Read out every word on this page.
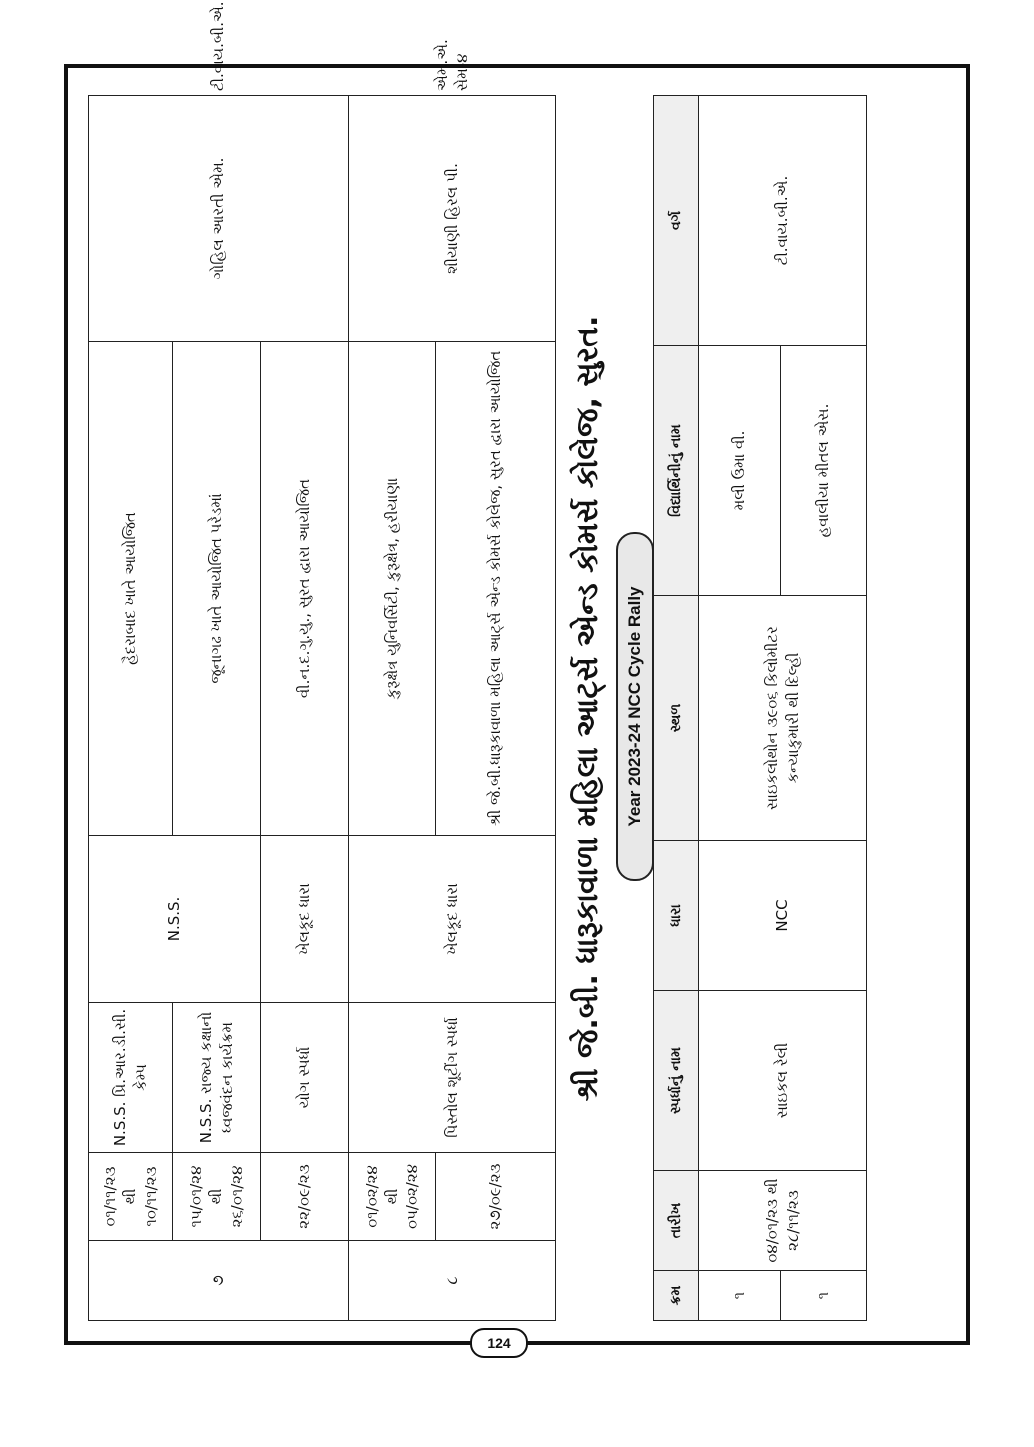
૭	૦૧/૧૧/૨૩ થી ૧૦/૧૧/૨૩	N.S.S. પ્રિ.આર.ડી.સી. કેમ્પ	N.S.S.	હૈદરાબાદ ખાતે આયોજિત	ગોહિલ આરતી એમ.	ટી.વાય.બી.એ.
	૧૫/૦૧/૨૪ થી ૨૬/૦૧/૨૪	N.S.S. રાજ્ય કક્ષાનો ધ્વજવંદન કાર્યક્રમ		જૂનાગઢ ખાતે આયોજિત પરેડમાં		
	૨૨/૦૯/૨૩	યોગ સ્પર્ધા	ખેલકૂદ ધારા	વી.ન.દ.ગુ.યુ., સુરત દ્વારા આયોજિત		
૮	૦૧/૦૨/૨૪ થી ૦૫/૦૨/૨૪	પિસ્તોલ શૂટીંગ સ્પર્ધા	ખેલકૂદ ધારા	કુરૂક્ષેત્ર યુનિવર્સિટી, કુરૂક્ષેત્ર, હરીયાણા	શીયાણી હિરલ પી.	એમ.એ. સેમ-૪
	૨૭/૦૯/૨૩			શ્રી જે.બી.ધારૂકાવાળા મહિલા આર્ટ્સ એન્ડ કોમર્સ કોલેજ, સુરત દ્વારા આયોજિત		શ્રી જે.બી. ધારૂકાવાળા મહિલા આર્ટ્સ એન્ડ કોમર્સ કોલેજ, સુરત.	Year 2023-24 NCC Cycle Rally
ક્રમ	તારીખ	સ્પર્ધાનું નામ	ધારા	સ્થળ	વિદ્યાર્થિનીનું નામ	વર્ગ
૧	૦૪/૦૧/૨૩ થી ૨૮/૧૧/૨૩	સાઇકલ રેલી	NCC	સાઇકલોથોન ૩૯૦૬ કિલોમીટર કન્યાકુમારી થી દિલ્હી	મલી ઉમા વી.	ટી.વાય.બી.એ.
૧					હવાલીયા મીતલ એસ.	
124
